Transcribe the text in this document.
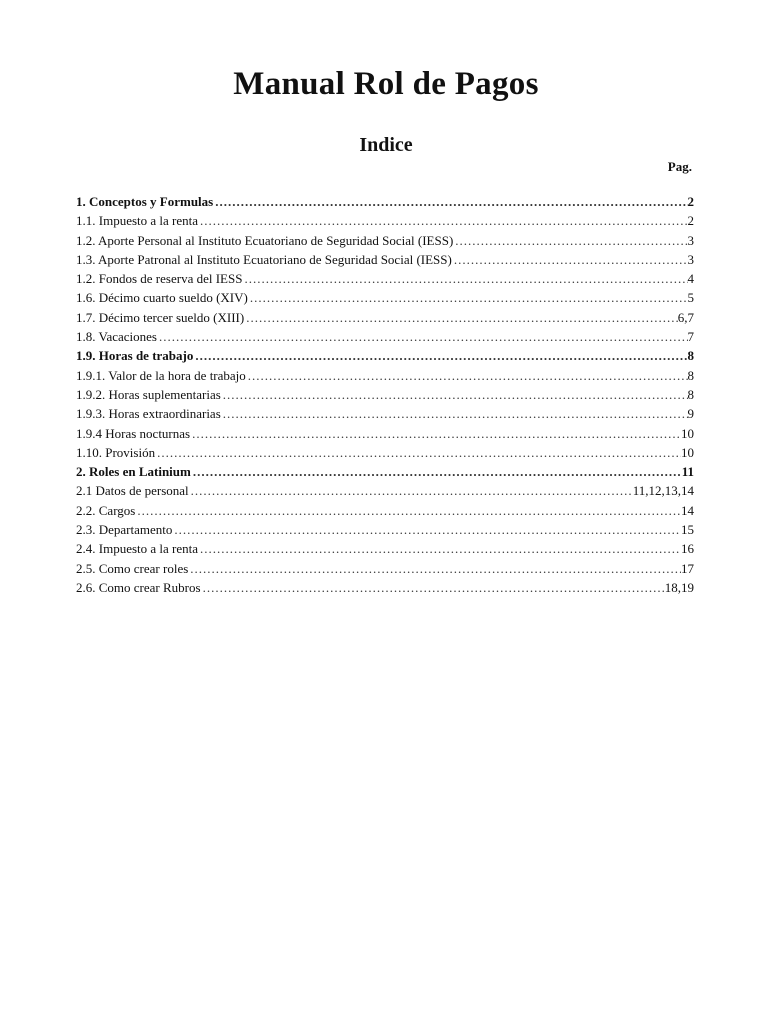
Manual Rol de Pagos
Indice
Pag.
1. Conceptos y Formulas .....	2
1.1. Impuesto a la renta .....	2
1.2. Aporte Personal al Instituto Ecuatoriano de Seguridad Social (IESS) .....	3
1.3. Aporte Patronal al Instituto Ecuatoriano de Seguridad Social (IESS) .....	3
1.2. Fondos de reserva del IESS .....	4
1.6. Décimo cuarto sueldo (XIV) .....	5
1.7. Décimo tercer sueldo (XIII) .....	6,7
1.8. Vacaciones .....	7
1.9. Horas de trabajo .....	8
1.9.1. Valor de la hora de trabajo .....	8
1.9.2. Horas suplementarias .....	8
1.9.3. Horas extraordinarias .....	9
1.9.4 Horas nocturnas .....	10
1.10. Provisión .....	10
2. Roles en Latinium .....	11
2.1 Datos de personal .....	11,12,13,14
2.2. Cargos .....	14
2.3. Departamento .....	15
2.4. Impuesto a la renta .....	16
2.5. Como crear roles .....	17
2.6. Como crear Rubros .....	18,19
